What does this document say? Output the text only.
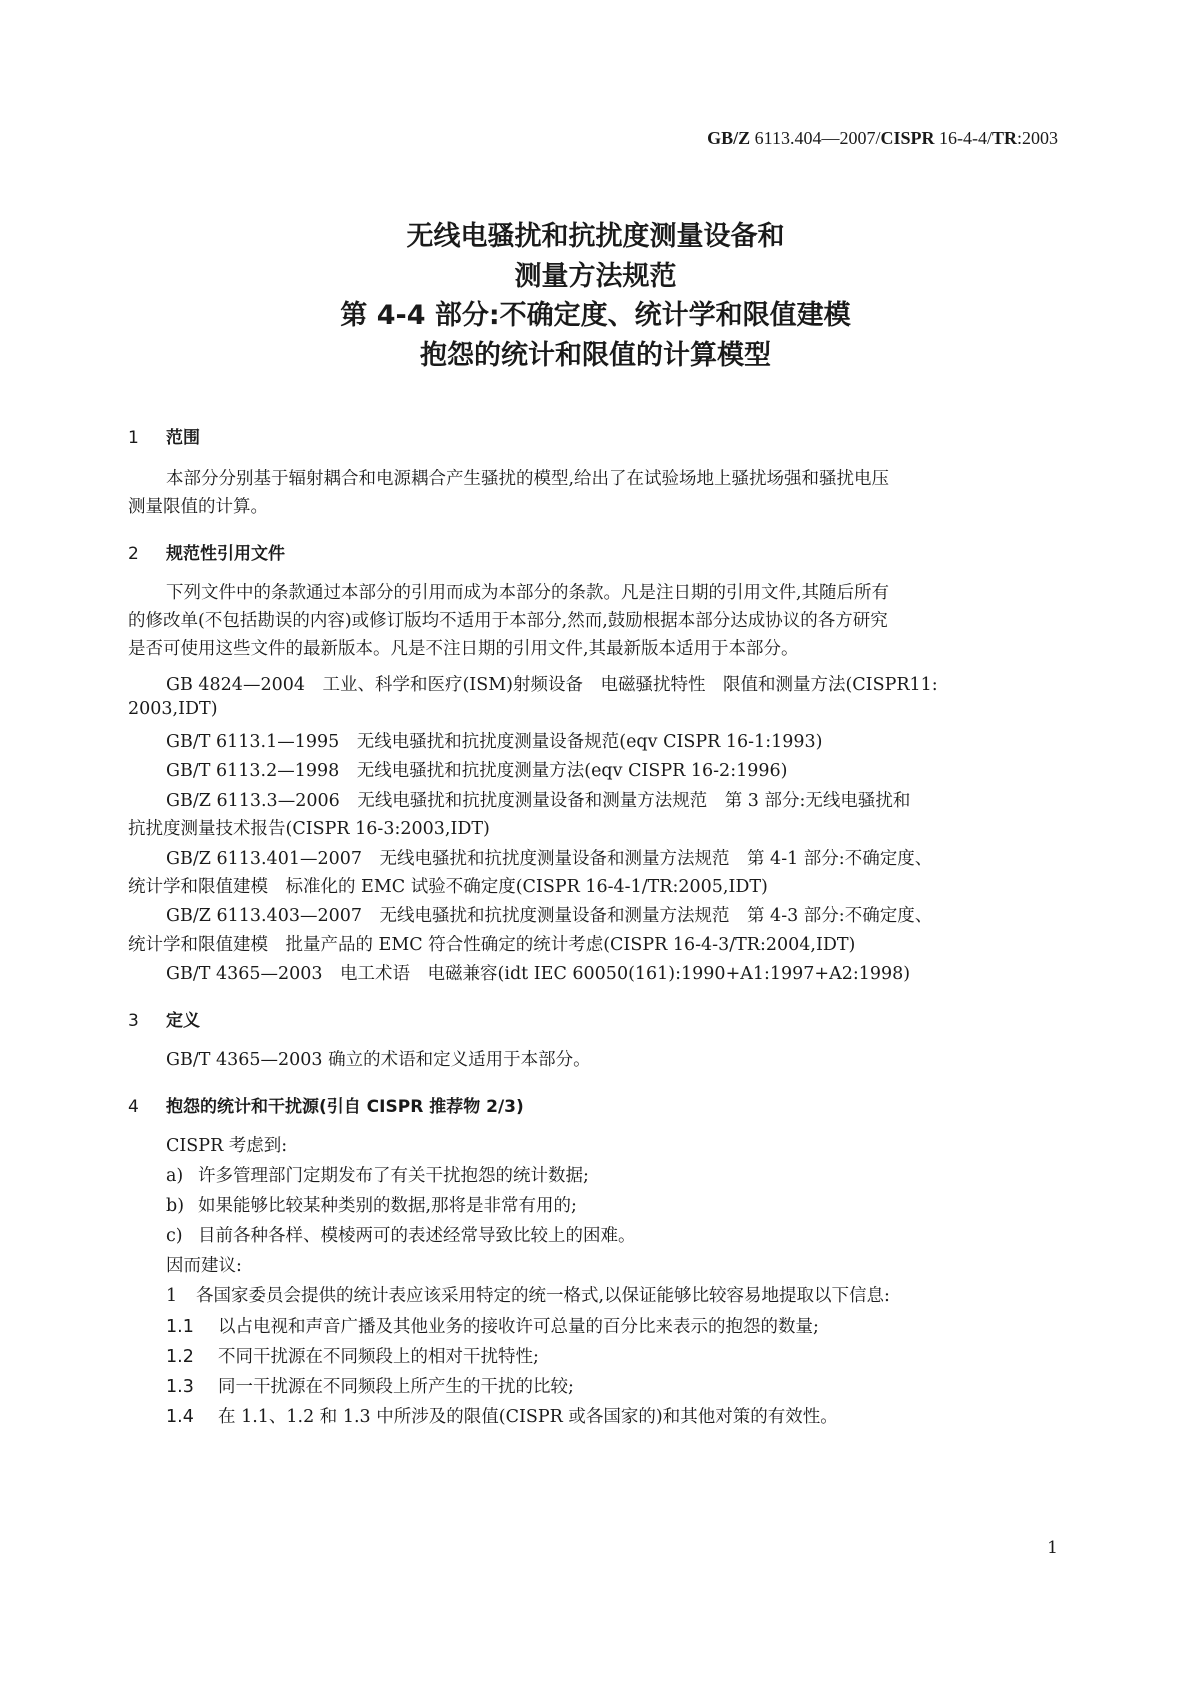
GB/Z 6113.404—2007/CISPR 16-4-4/TR:2003
无线电骚扰和抗扰度测量设备和
测量方法规范
第 4-4 部分:不确定度、统计学和限值建模
抱怨的统计和限值的计算模型
1 范围
本部分分别基于辐射耦合和电源耦合产生骚扰的模型,给出了在试验场地上骚扰场强和骚扰电压
测量限值的计算。
2 规范性引用文件
下列文件中的条款通过本部分的引用而成为本部分的条款。凡是注日期的引用文件,其随后所有
的修改单(不包括勘误的内容)或修订版均不适用于本部分,然而,鼓励根据本部分达成协议的各方研究
是否可使用这些文件的最新版本。凡是不注日期的引用文件,其最新版本适用于本部分。
GB 4824—2004　工业、科学和医疗(ISM)射频设备　电磁骚扰特性　限值和测量方法(CISPR11:
2003,IDT)
GB/T 6113.1—1995　无线电骚扰和抗扰度测量设备规范(eqv CISPR 16-1:1993)
GB/T 6113.2—1998　无线电骚扰和抗扰度测量方法(eqv CISPR 16-2:1996)
GB/Z 6113.3—2006　无线电骚扰和抗扰度测量设备和测量方法规范　第 3 部分:无线电骚扰和
抗扰度测量技术报告(CISPR 16-3:2003,IDT)
GB/Z 6113.401—2007　无线电骚扰和抗扰度测量设备和测量方法规范　第 4-1 部分:不确定度、
统计学和限值建模　标准化的 EMC 试验不确定度(CISPR 16-4-1/TR:2005,IDT)
GB/Z 6113.403—2007　无线电骚扰和抗扰度测量设备和测量方法规范　第 4-3 部分:不确定度、
统计学和限值建模　批量产品的 EMC 符合性确定的统计考虑(CISPR 16-4-3/TR:2004,IDT)
GB/T 4365—2003　电工术语　电磁兼容(idt IEC 60050(161):1990+A1:1997+A2:1998)
3 定义
GB/T 4365—2003 确立的术语和定义适用于本部分。
4 抱怨的统计和干扰源(引自 CISPR 推荐物 2/3)
CISPR 考虑到:
a) 许多管理部门定期发布了有关干扰抱怨的统计数据;
b) 如果能够比较某种类别的数据,那将是非常有用的;
c) 目前各种各样、模棱两可的表述经常导致比较上的困难。
因而建议:
1 各国家委员会提供的统计表应该采用特定的统一格式,以保证能够比较容易地提取以下信息:
1.1 以占电视和声音广播及其他业务的接收许可总量的百分比来表示的抱怨的数量;
1.2 不同干扰源在不同频段上的相对干扰特性;
1.3 同一干扰源在不同频段上所产生的干扰的比较;
1.4 在 1.1、1.2 和 1.3 中所涉及的限值(CISPR 或各国家的)和其他对策的有效性。
1
